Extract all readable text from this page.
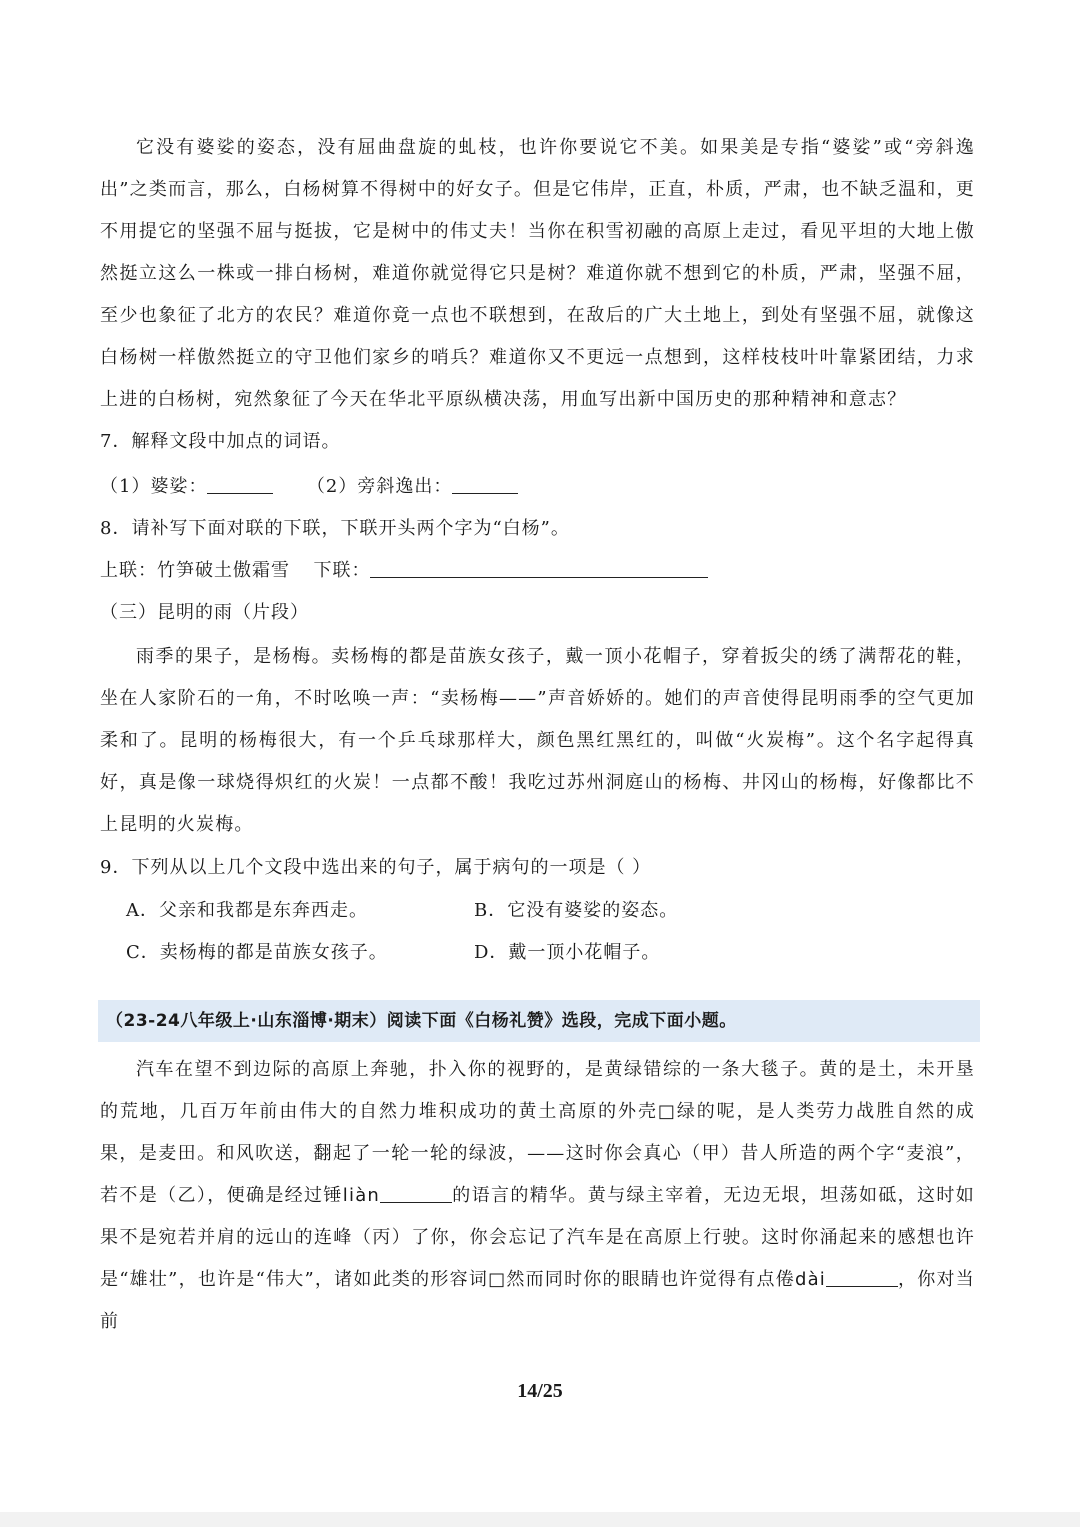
它没有婆娑的姿态，没有屈曲盘旋的虬枝，也许你要说它不美。如果美是专指“婆娑”或“旁斜逸出”之类而言，那么，白杨树算不得树中的好女子。但是它伟岸，正直，朴质，严肃，也不缺乏温和，更不用提它的坚强不屈与挺拔，它是树中的伟丈夫！当你在积雪初融的高原上走过，看见平坦的大地上傲然挺立这么一株或一排白杨树，难道你就觉得它只是树？难道你就不想到它的朴质，严肃，坚强不屈，至少也象征了北方的农民？难道你竟一点也不联想到，在敌后的广大土地上，到处有坚强不屈，就像这白杨树一样傲然挺立的守卫他们家乡的哨兵？难道你又不更远一点想到，这样枝枝叶叶靠紧团结，力求上进的白杨树，宛然象征了今天在华北平原纵横决荡，用血写出新中国历史的那种精神和意志？

7．解释文段中加点的词语。
（1）婆娑：	（2）旁斜逸出：
8．请补写下面对联的下联，下联开头两个字为“白杨”。
上联：竹笋破土傲霜雪 下联：
（三）昆明的雨（片段）

雨季的果子，是杨梅。卖杨梅的都是苗族女孩子，戴一顶小花帽子，穿着扳尖的绣了满帮花的鞋，坐在人家阶石的一角，不时吆唤一声：“卖杨梅——”声音娇娇的。她们的声音使得昆明雨季的空气更加柔和了。昆明的杨梅很大，有一个乒乓球那样大，颜色黑红黑红的，叫做“火炭梅”。这个名字起得真好，真是像一球烧得炽红的火炭！一点都不酸！我吃过苏州洞庭山的杨梅、井冈山的杨梅，好像都比不上昆明的火炭梅。

9．下列从以上几个文段中选出来的句子，属于病句的一项是（ ）
A．父亲和我都是东奔西走。	B．它没有婆娑的姿态。
C．卖杨梅的都是苗族女孩子。	D．戴一顶小花帽子。
（23-24八年级上·山东淄博·期末）阅读下面《白杨礼赞》选段，完成下面小题。

汽车在望不到边际的高原上奔驰，扑入你的视野的，是黄绿错综的一条大毯子。黄的是土，未开垦的荒地，几百万年前由伟大的自然力堆积成功的黄土高原的外壳□绿的呢，是人类劳力战胜自然的成果，是麦田。和风吹送，翻起了一轮一轮的绿波，——这时你会真心（甲）昔人所造的两个字“麦浪”，若不是（乙），便确是经过锤liàn	的语言的精华。黄与绿主宰着，无边无垠，坦荡如砥，这时如果不是宛若并肩的远山的连峰（丙）了你，你会忘记了汽车是在高原上行驶。这时你涌起来的感想也许是“雄壮”，也许是“伟大”，诸如此类的形容词□然而同时你的眼睛也许觉得有点倦dài	，你对当前

14/25
